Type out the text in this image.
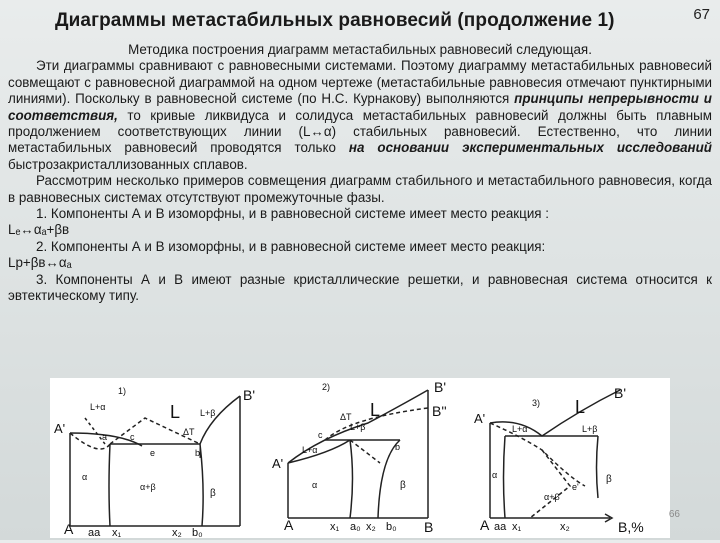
Диаграммы метастабильных равновесий (продолжение 1)	67

Методика построения диаграмм метастабильных равновесий следующая.

Эти диаграммы сравнивают с равновесными системами. Поэтому диаграмму метастабильных равновесий совмещают с равновесной диаграммой на одном чертеже (метастабильные равновесия отмечают пунктирными линиями). Поскольку в равновесной системе (по Н.С. Курнакову) выполняются принципы непрерывности и соответствия, то кривые ликвидуса и солидуса метастабильных равновесий должны быть плавным продолжением соответствующих линии (L↔α) стабильных равновесий. Естественно, что линии метастабильных равновесий проводятся только на основании экспериментальных исследований быстрозакристаллизованных сплавов.

Рассмотрим несколько примеров совмещения диаграмм стабильного и метастабильного равновесия, когда в равновесных системах отсутствуют промежуточные фазы.

1. Компоненты А и В изоморфны, и в равновесной системе имеет место реакция :

Lₑ↔αₐ+βв

2. Компоненты А и В изоморфны, и в равновесной системе имеет место реакция:

Lp+βв↔αₐ

3. Компоненты А и В имеют разные кристаллические решетки, и равновесная система относится к эвтектическому типу.

1)
A
A'
B'
L L+β
L+α
α
β
α+β
a
b
c	ΔT
e
aa x₁	x₂ b₀
2)
A
A'
B'
B''
L
L+β
L+α
α	β
ΔT
c
b
x₁ a₀ x₂ b₀ B
3)
A
A'
B'
L
L+α	L+β
α	β
α+β
e'
aa x₁	x₂	B,%
66
